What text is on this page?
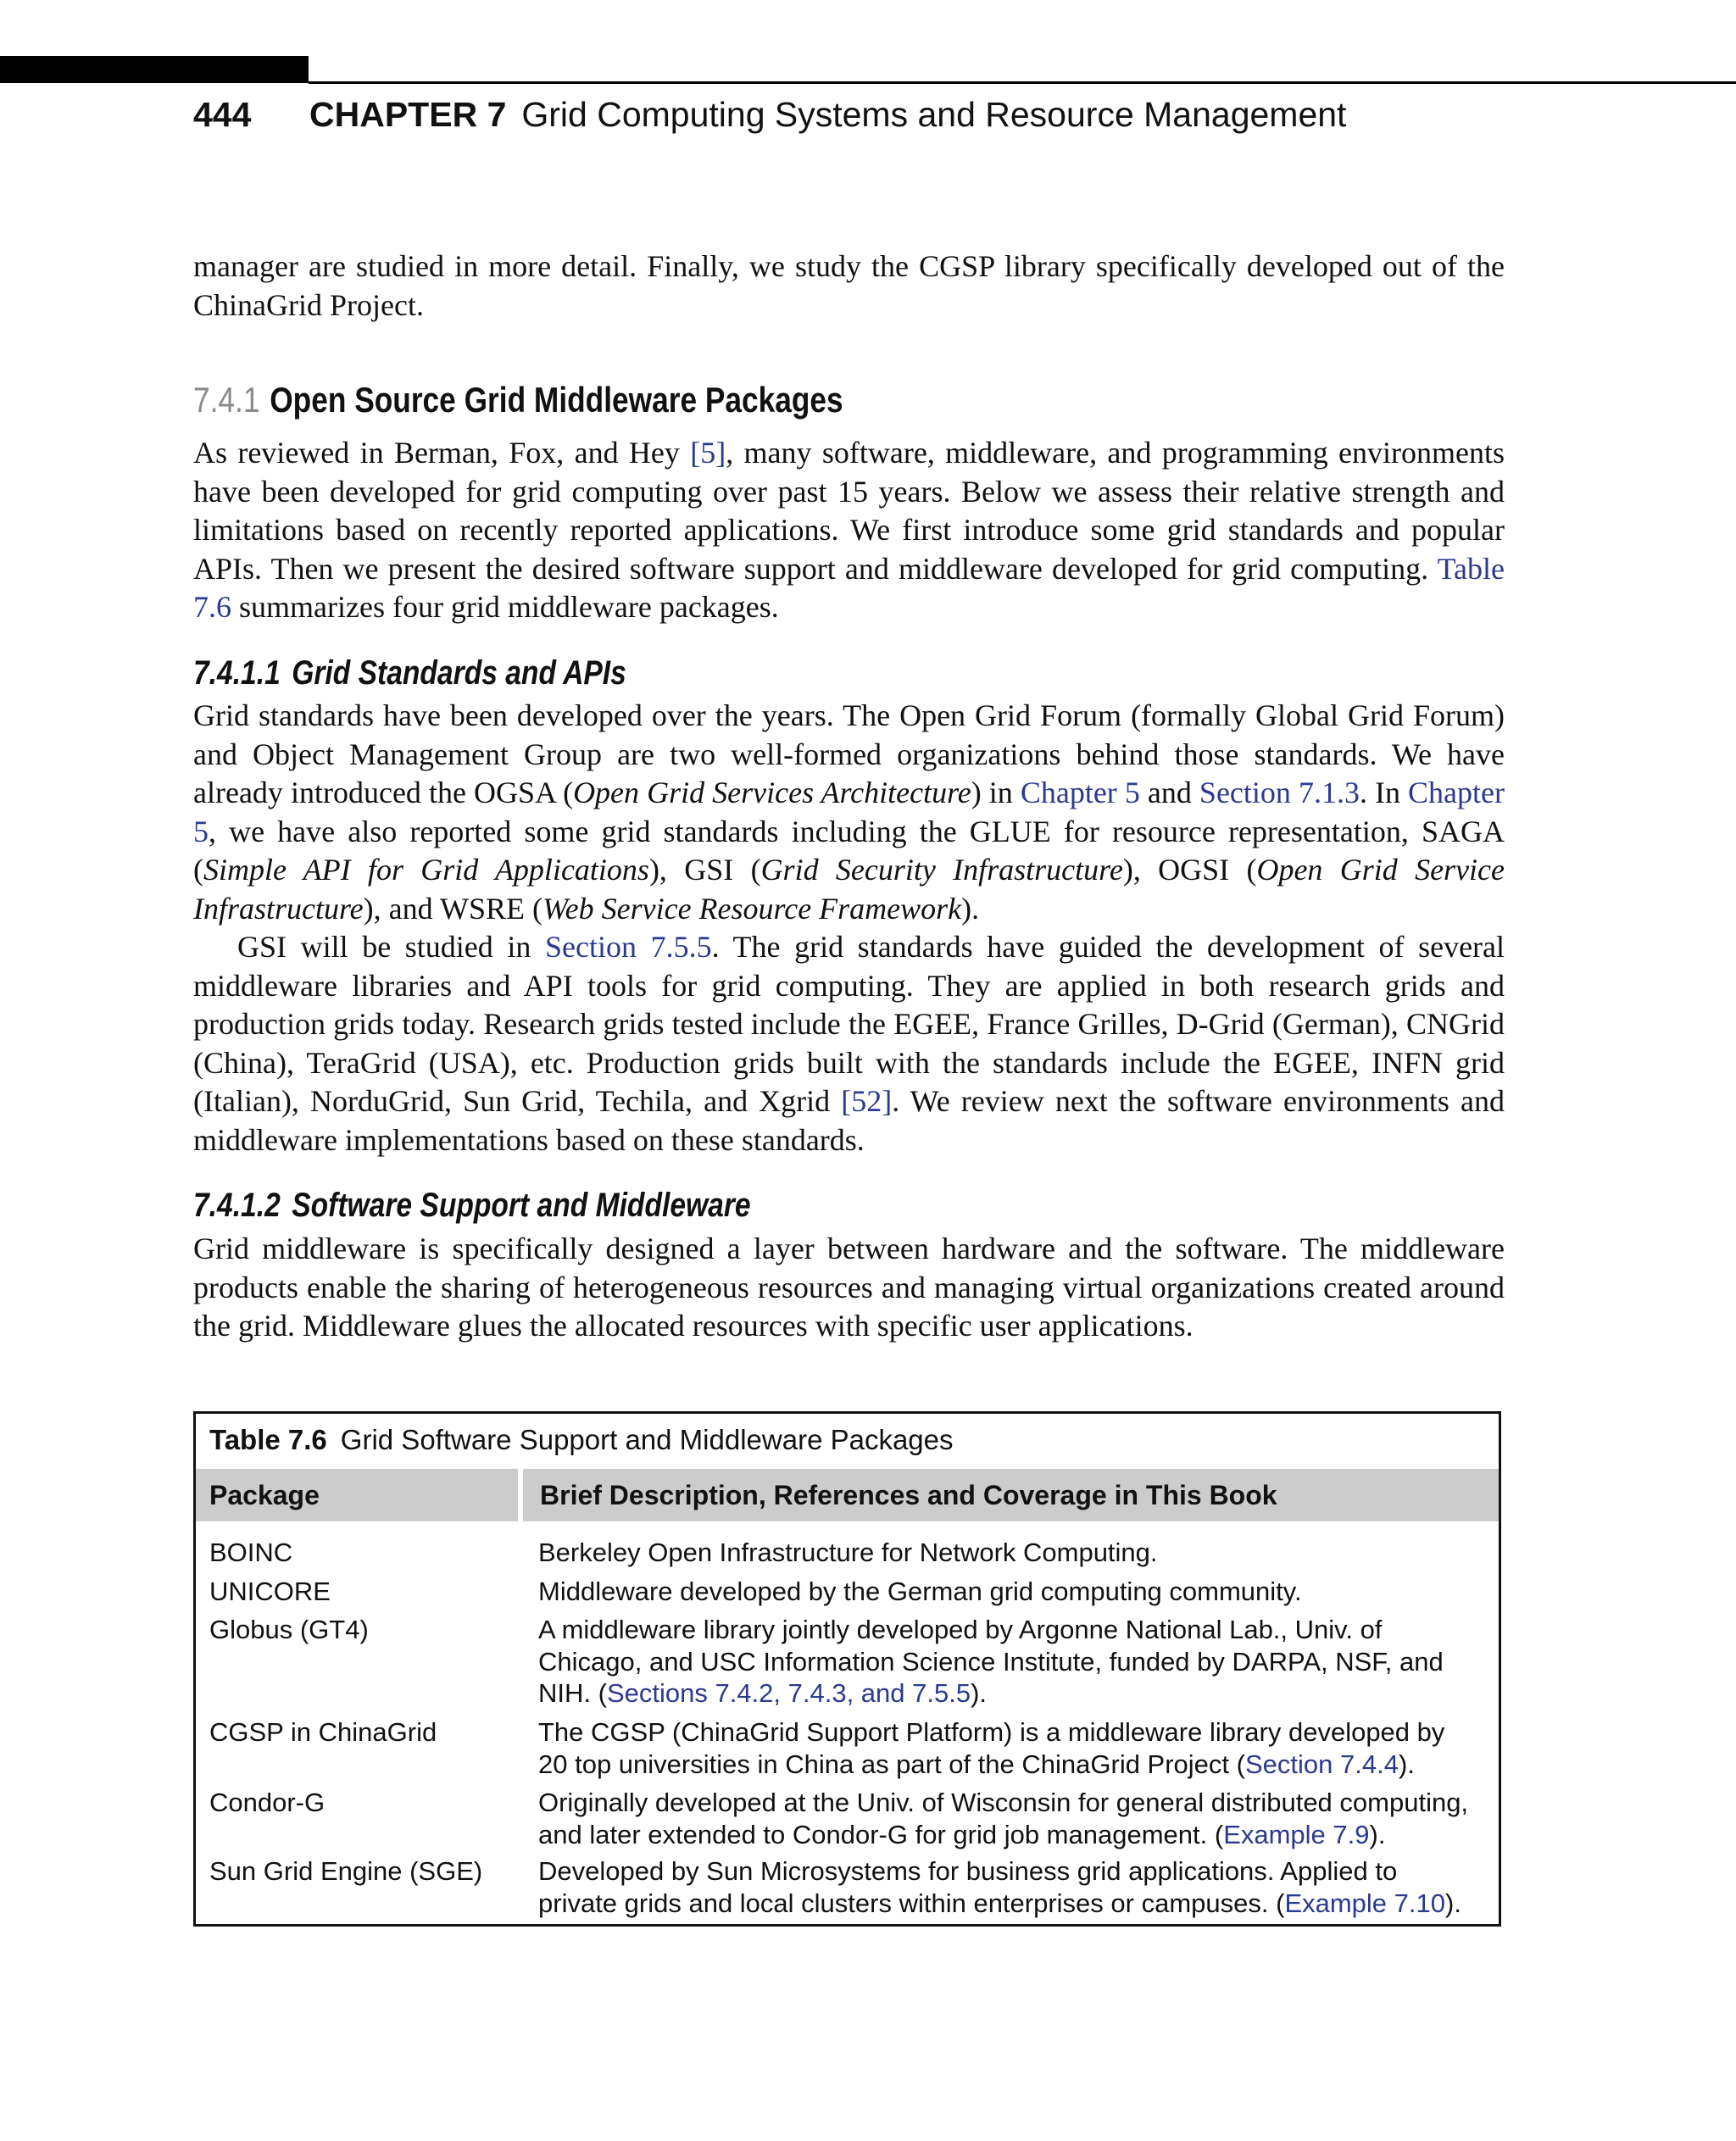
444 CHAPTER 7 Grid Computing Systems and Resource Management

manager are studied in more detail. Finally, we study the CGSP library specifically developed out of the ChinaGrid Project.

7.4.1 Open Source Grid Middleware Packages

As reviewed in Berman, Fox, and Hey [5], many software, middleware, and programming environments have been developed for grid computing over past 15 years. Below we assess their relative strength and limitations based on recently reported applications. We first introduce some grid standards and popular APIs. Then we present the desired software support and middleware developed for grid computing. Table 7.6 summarizes four grid middleware packages.

7.4.1.1 Grid Standards and APIs

Grid standards have been developed over the years. The Open Grid Forum (formally Global Grid Forum) and Object Management Group are two well-formed organizations behind those standards. We have already introduced the OGSA (Open Grid Services Architecture) in Chapter 5 and Section 7.1.3. In Chapter 5, we have also reported some grid standards including the GLUE for resource representation, SAGA (Simple API for Grid Applications), GSI (Grid Security Infrastructure), OGSI (Open Grid Service Infrastructure), and WSRE (Web Service Resource Framework).

GSI will be studied in Section 7.5.5. The grid standards have guided the development of several middleware libraries and API tools for grid computing. They are applied in both research grids and production grids today. Research grids tested include the EGEE, France Grilles, D-Grid (German), CNGrid (China), TeraGrid (USA), etc. Production grids built with the standards include the EGEE, INFN grid (Italian), NorduGrid, Sun Grid, Techila, and Xgrid [52]. We review next the software environments and middleware implementations based on these standards.

7.4.1.2 Software Support and Middleware

Grid middleware is specifically designed a layer between hardware and the software. The middleware products enable the sharing of heterogeneous resources and managing virtual organizations created around the grid. Middleware glues the allocated resources with specific user applications.

Table 7.6 Grid Software Support and Middleware Packages
Package	Brief Description, References and Coverage in This Book
BOINC	Berkeley Open Infrastructure for Network Computing.
UNICORE	Middleware developed by the German grid computing community.
Globus (GT4)	A middleware library jointly developed by Argonne National Lab., Univ. of Chicago, and USC Information Science Institute, funded by DARPA, NSF, and NIH. (Sections 7.4.2, 7.4.3, and 7.5.5).
CGSP in ChinaGrid	The CGSP (ChinaGrid Support Platform) is a middleware library developed by 20 top universities in China as part of the ChinaGrid Project (Section 7.4.4).
Condor-G	Originally developed at the Univ. of Wisconsin for general distributed computing, and later extended to Condor-G for grid job management. (Example 7.9).
Sun Grid Engine (SGE)	Developed by Sun Microsystems for business grid applications. Applied to private grids and local clusters within enterprises or campuses. (Example 7.10).
